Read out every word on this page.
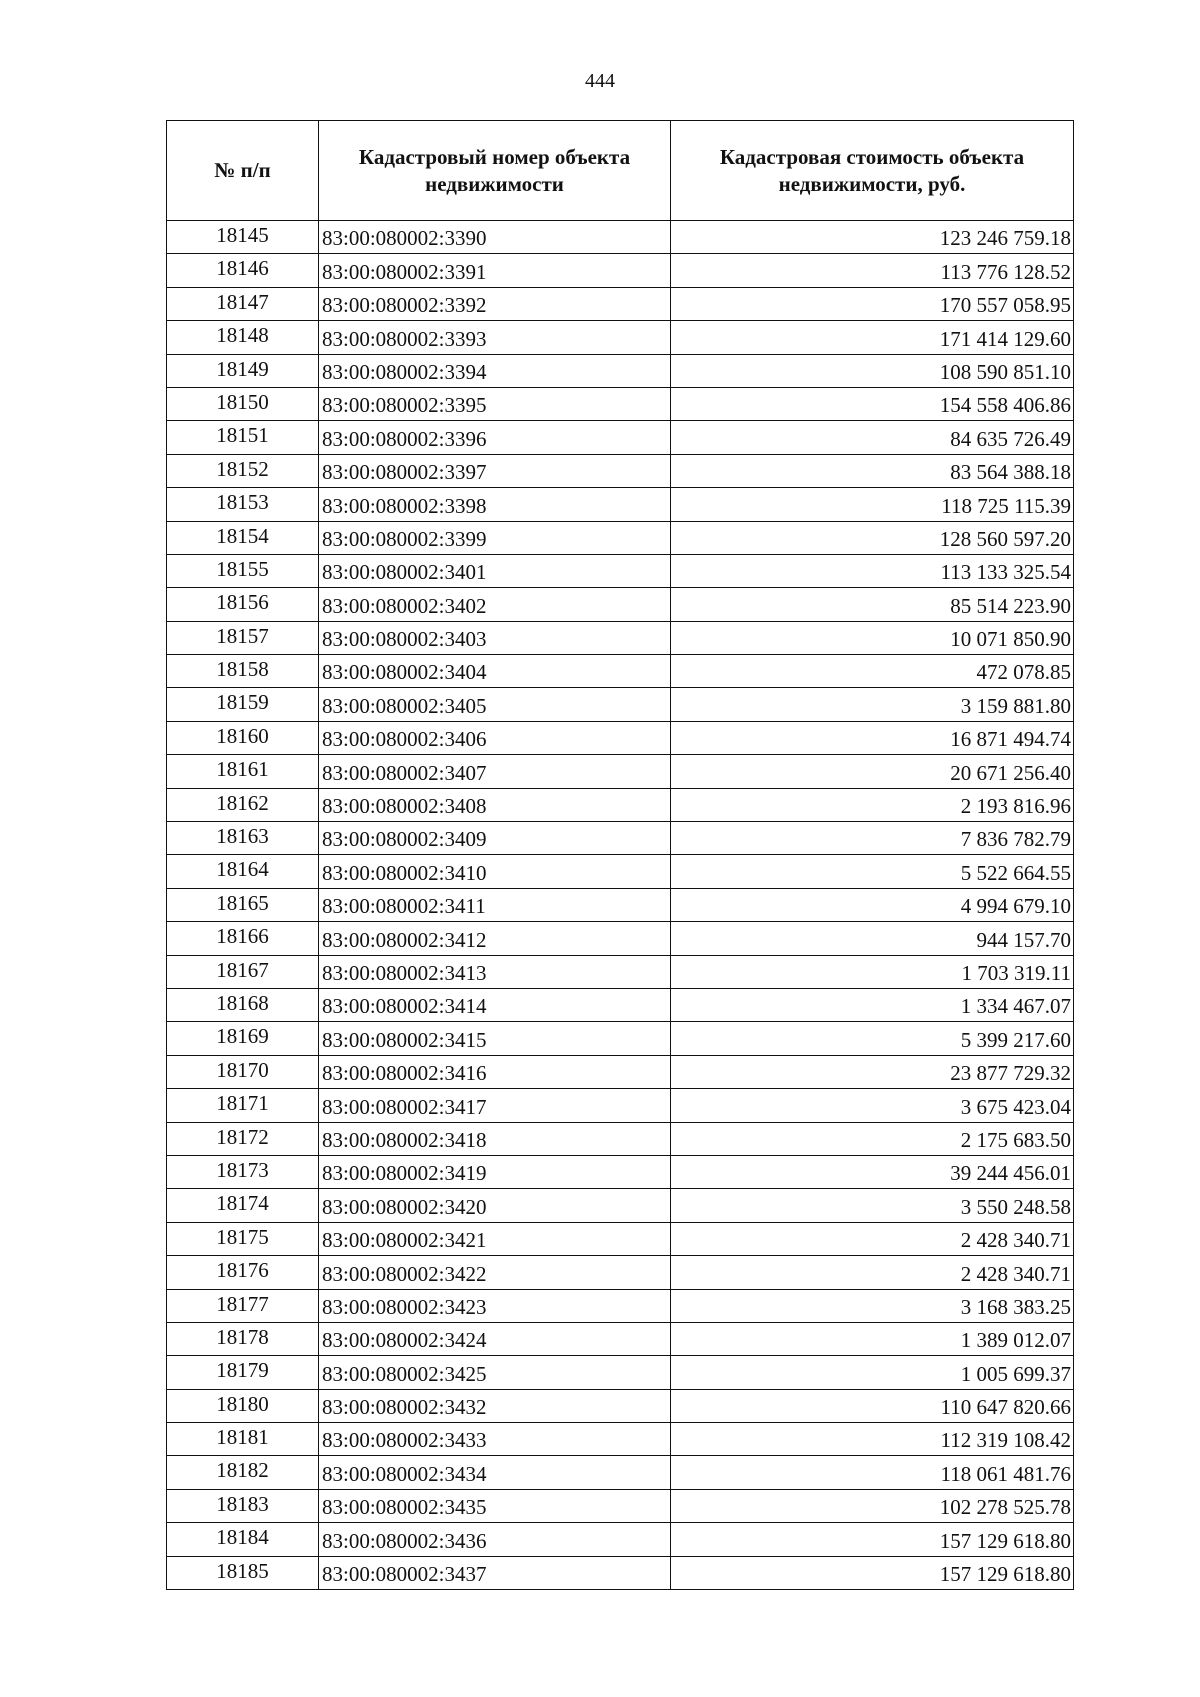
444
№ п/п	Кадастровый номер объекта недвижимости	Кадастровая стоимость объекта недвижимости, руб.
18145	83:00:080002:3390	123 246 759.18
18146	83:00:080002:3391	113 776 128.52
18147	83:00:080002:3392	170 557 058.95
18148	83:00:080002:3393	171 414 129.60
18149	83:00:080002:3394	108 590 851.10
18150	83:00:080002:3395	154 558 406.86
18151	83:00:080002:3396	84 635 726.49
18152	83:00:080002:3397	83 564 388.18
18153	83:00:080002:3398	118 725 115.39
18154	83:00:080002:3399	128 560 597.20
18155	83:00:080002:3401	113 133 325.54
18156	83:00:080002:3402	85 514 223.90
18157	83:00:080002:3403	10 071 850.90
18158	83:00:080002:3404	472 078.85
18159	83:00:080002:3405	3 159 881.80
18160	83:00:080002:3406	16 871 494.74
18161	83:00:080002:3407	20 671 256.40
18162	83:00:080002:3408	2 193 816.96
18163	83:00:080002:3409	7 836 782.79
18164	83:00:080002:3410	5 522 664.55
18165	83:00:080002:3411	4 994 679.10
18166	83:00:080002:3412	944 157.70
18167	83:00:080002:3413	1 703 319.11
18168	83:00:080002:3414	1 334 467.07
18169	83:00:080002:3415	5 399 217.60
18170	83:00:080002:3416	23 877 729.32
18171	83:00:080002:3417	3 675 423.04
18172	83:00:080002:3418	2 175 683.50
18173	83:00:080002:3419	39 244 456.01
18174	83:00:080002:3420	3 550 248.58
18175	83:00:080002:3421	2 428 340.71
18176	83:00:080002:3422	2 428 340.71
18177	83:00:080002:3423	3 168 383.25
18178	83:00:080002:3424	1 389 012.07
18179	83:00:080002:3425	1 005 699.37
18180	83:00:080002:3432	110 647 820.66
18181	83:00:080002:3433	112 319 108.42
18182	83:00:080002:3434	118 061 481.76
18183	83:00:080002:3435	102 278 525.78
18184	83:00:080002:3436	157 129 618.80
18185	83:00:080002:3437	157 129 618.80
